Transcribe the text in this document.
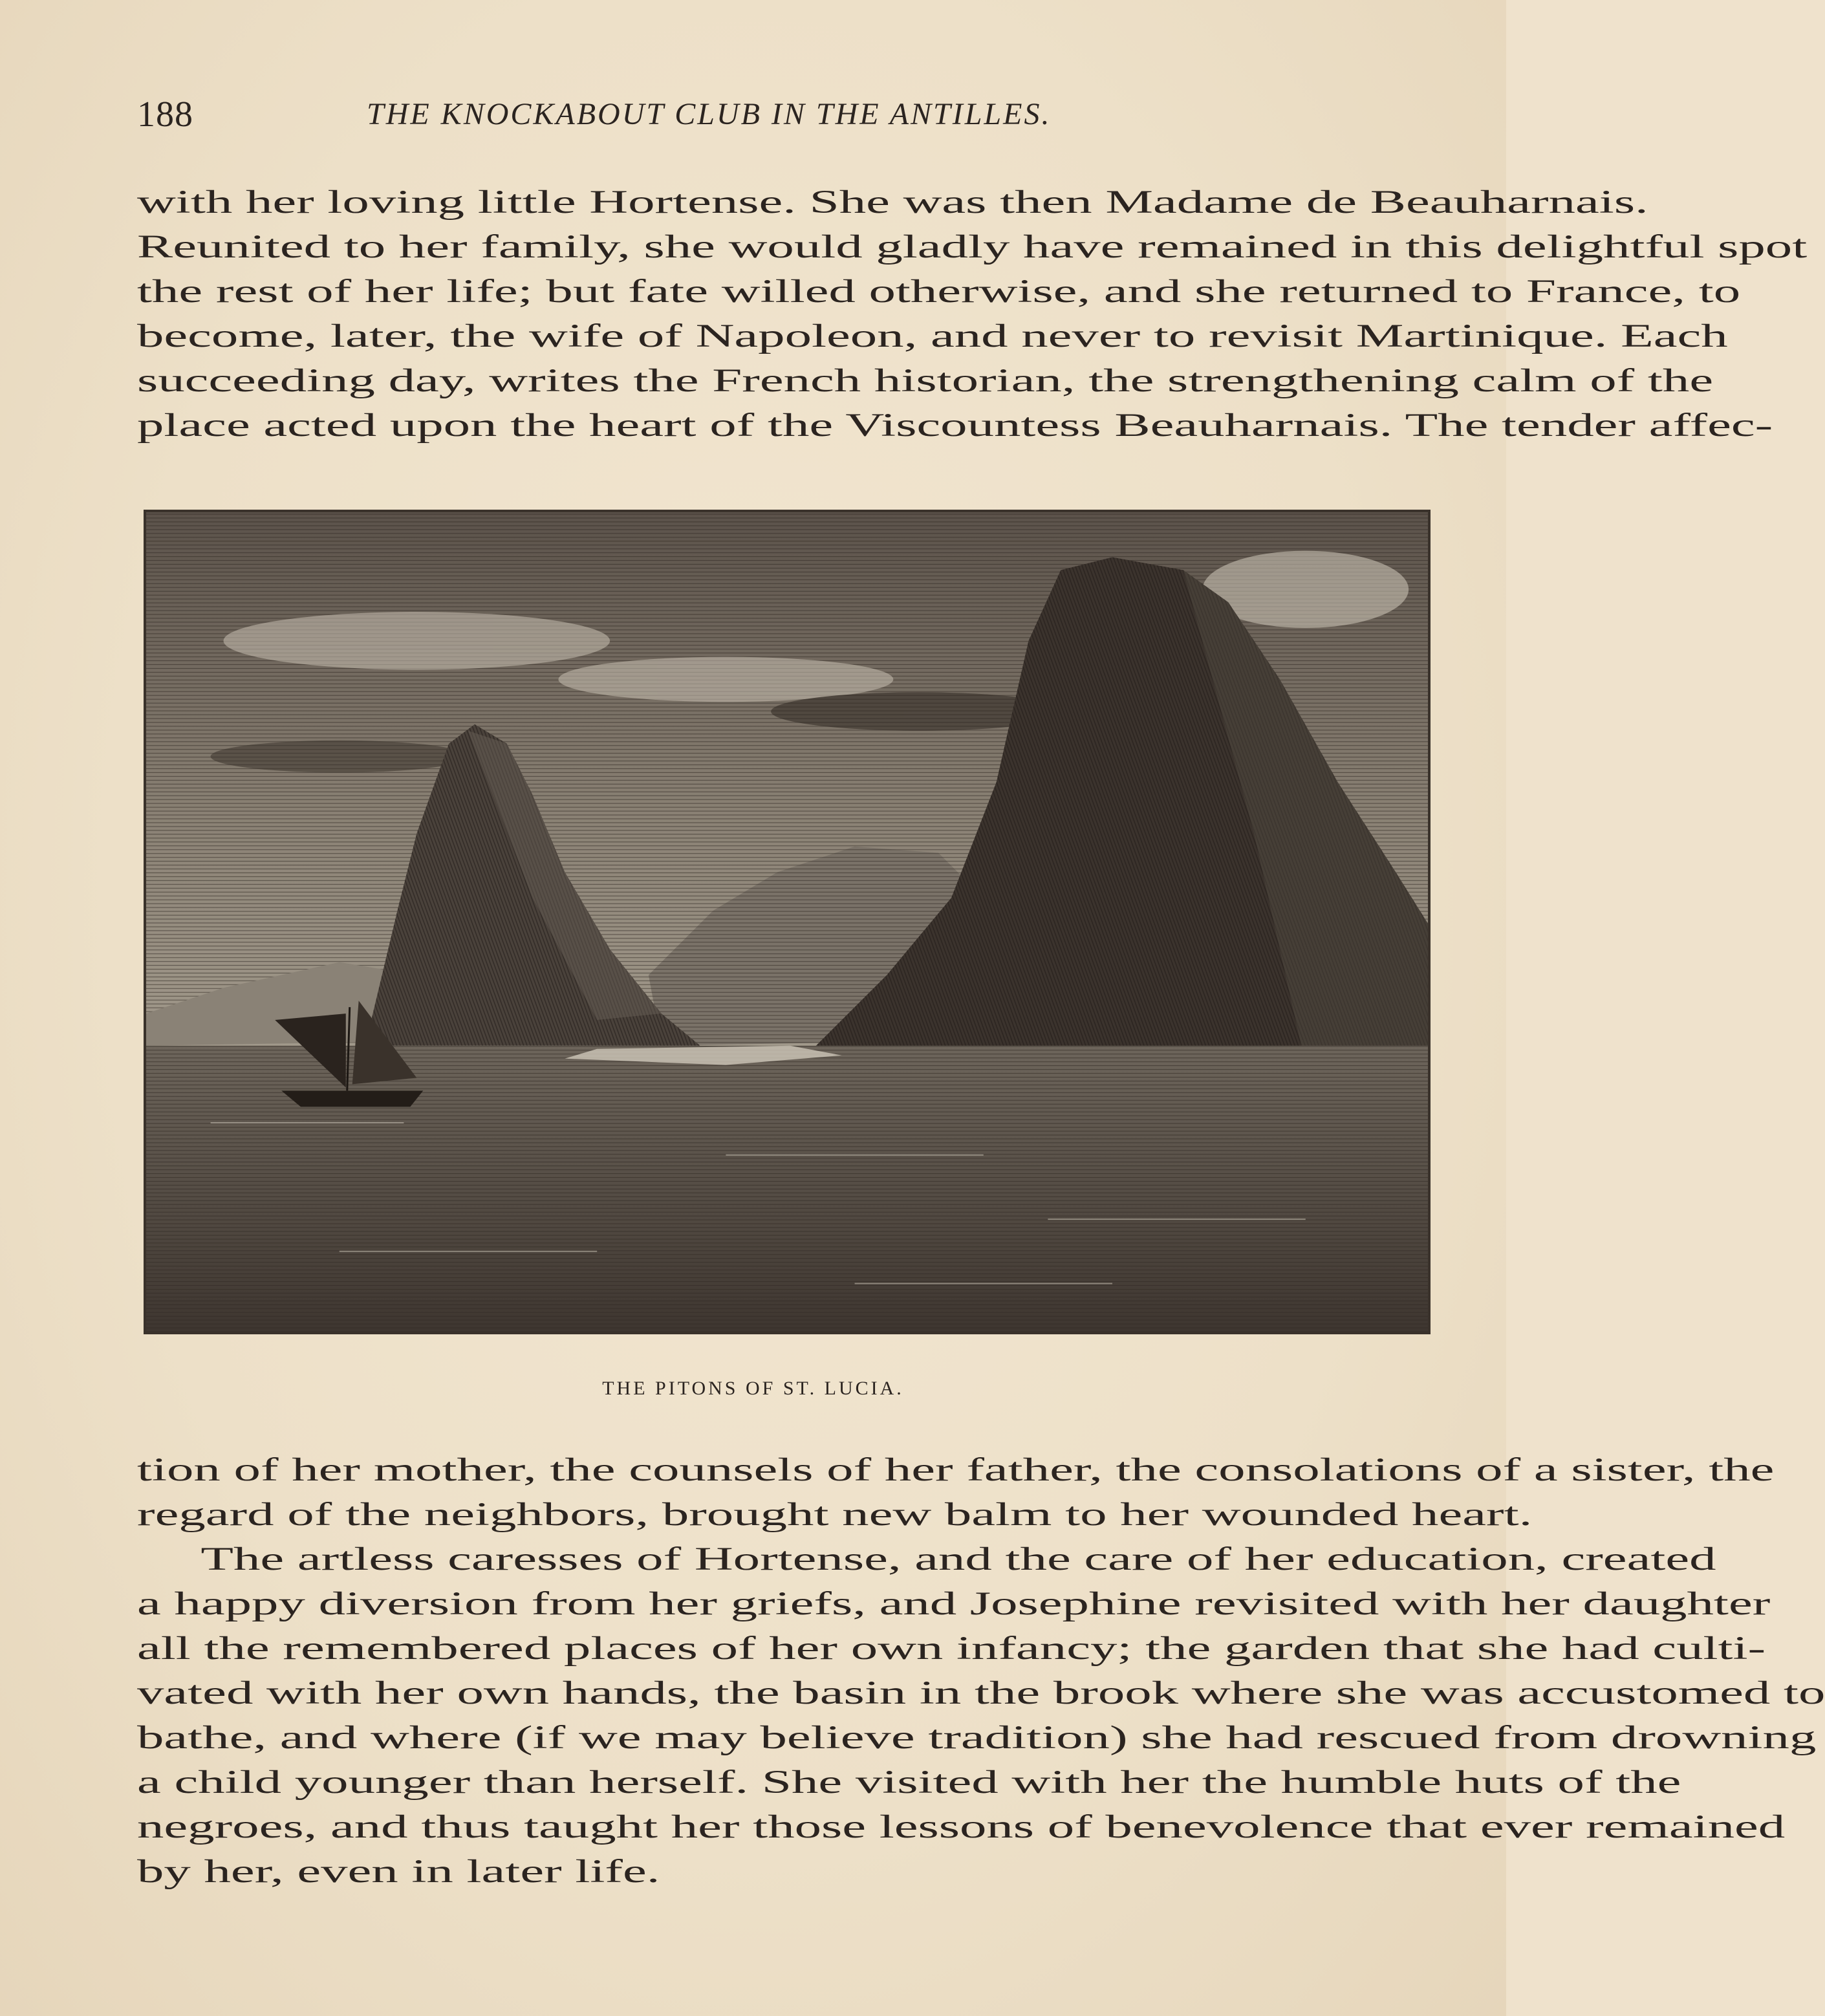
188	THE KNOCKABOUT CLUB IN THE ANTILLES.
with her loving little Hortense. She was then Madame de Beauharnais.
Reunited to her family, she would gladly have remained in this delightful spot
the rest of her life; but fate willed otherwise, and she returned to France, to
become, later, the wife of Napoleon, and never to revisit Martinique. Each
succeeding day, writes the French historian, the strengthening calm of the
place acted upon the heart of the Viscountess Beauharnais. The tender affec-
THE PITONS OF ST. LUCIA.
tion of her mother, the counsels of her father, the consolations of a sister, the
regard of the neighbors, brought new balm to her wounded heart.
The artless caresses of Hortense, and the care of her education, created
a happy diversion from her griefs, and Josephine revisited with her daughter
all the remembered places of her own infancy; the garden that she had culti-
vated with her own hands, the basin in the brook where she was accustomed to
bathe, and where (if we may believe tradition) she had rescued from drowning
a child younger than herself. She visited with her the humble huts of the
negroes, and thus taught her those lessons of benevolence that ever remained
by her, even in later life.
